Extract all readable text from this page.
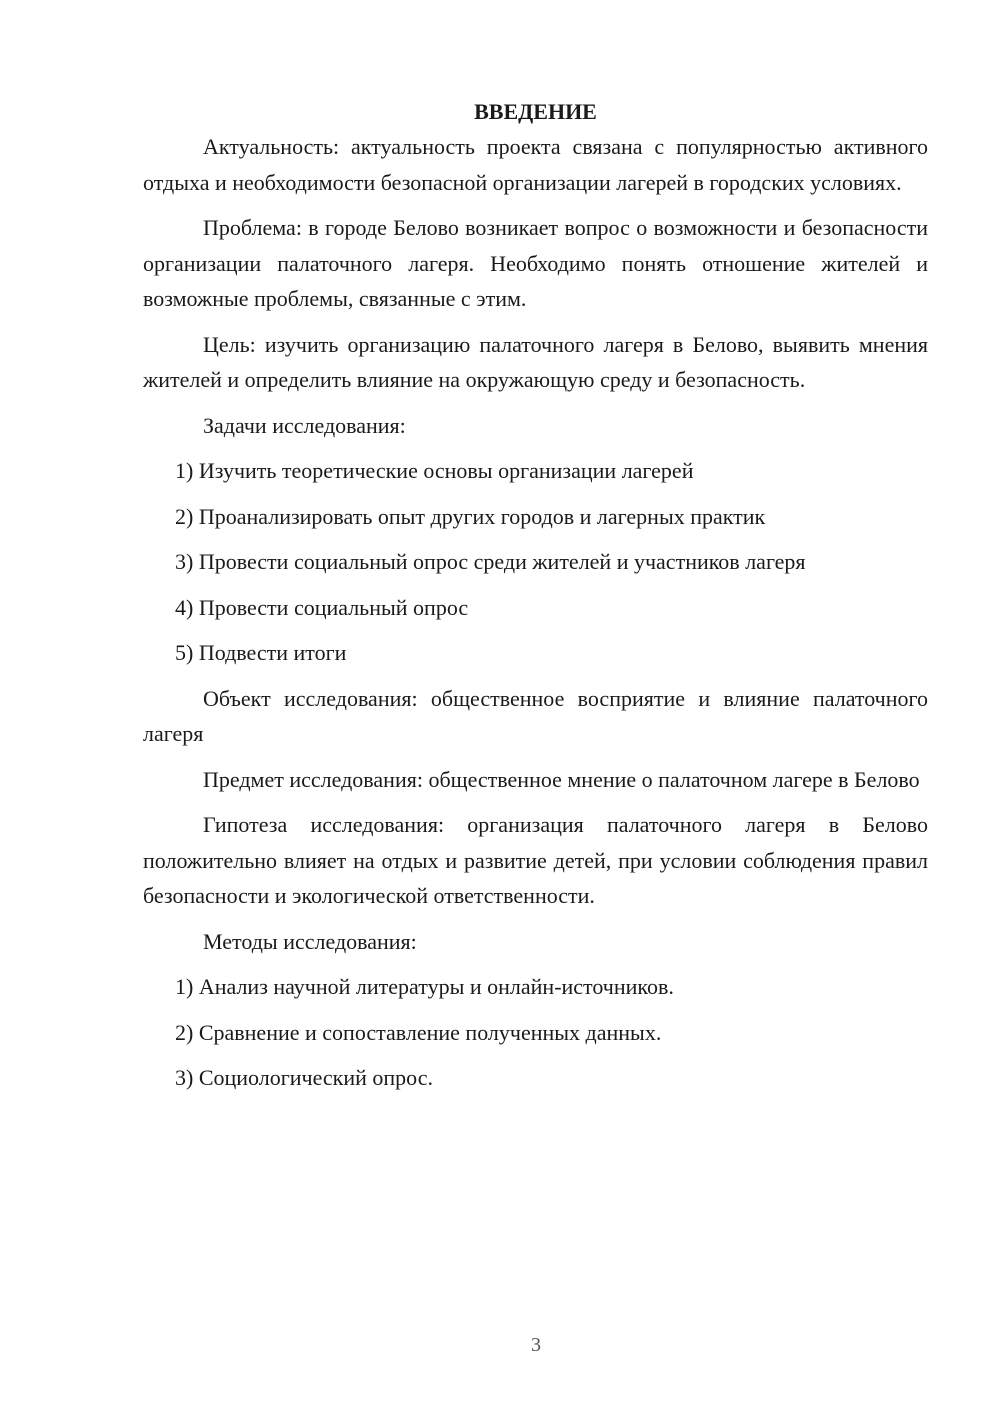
ВВЕДЕНИЕ

Актуальность: актуальность проекта связана с популярностью активного отдыха и необходимости безопасной организации лагерей в городских условиях.

Проблема: в городе Белово возникает вопрос о возможности и безопасности организации палаточного лагеря. Необходимо понять отношение жителей и возможные проблемы, связанные с этим.

Цель: изучить организацию палаточного лагеря в Белово, выявить мнения жителей и определить влияние на окружающую среду и безопасность.

Задачи исследования:

1) Изучить теоретические основы организации лагерей
2) Проанализировать опыт других городов и лагерных практик
3) Провести социальный опрос среди жителей и участников лагеря
4) Провести социальный опрос
5) Подвести итоги

Объект исследования: общественное восприятие и влияние палаточного лагеря

Предмет исследования: общественное мнение о палаточном лагере в Белово

Гипотеза исследования: организация палаточного лагеря в Белово положительно влияет на отдых и развитие детей, при условии соблюдения правил безопасности и экологической ответственности.

Методы исследования:

1) Анализ научной литературы и онлайн-источников.
2) Сравнение и сопоставление полученных данных.
3) Социологический опрос.
3
